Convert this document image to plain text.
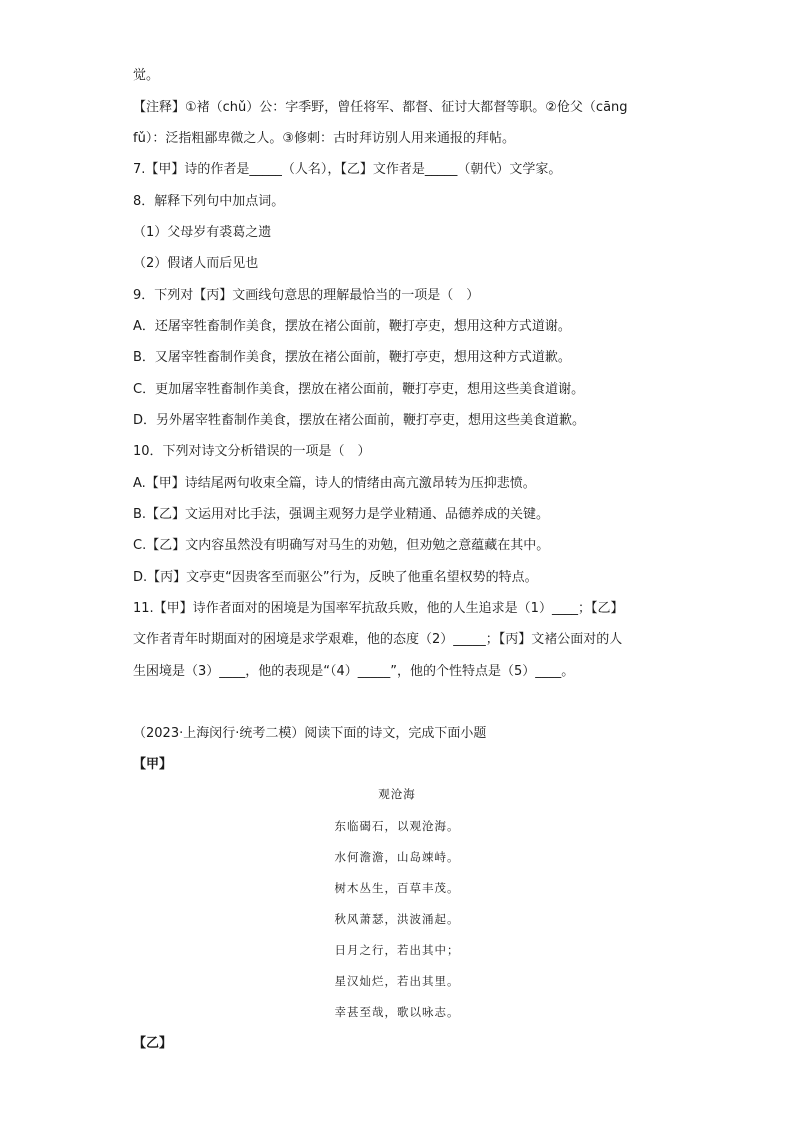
觉。
【注释】①褚（chǔ）公：字季野，曾任将军、都督、征讨大都督等职。②伧父（cāng
fǔ）：泛指粗鄙卑微之人。③修刺：古时拜访别人用来通报的拜帖。
7.【甲】诗的作者是_____（人名），【乙】文作者是_____（朝代）文学家。
8．解释下列句中加点词。
（1）父母岁有裘葛之遗
（2）假诸人而后见也
9．下列对【丙】文画线句意思的理解最恰当的一项是（　）
A．还屠宰牲畜制作美食，摆放在褚公面前，鞭打亭吏，想用这种方式道谢。
B．又屠宰牲畜制作美食，摆放在褚公面前，鞭打亭吏，想用这种方式道歉。
C．更加屠宰牲畜制作美食，摆放在褚公面前，鞭打亭吏，想用这些美食道谢。
D．另外屠宰牲畜制作美食，摆放在褚公面前，鞭打亭吏，想用这些美食道歉。
10．下列对诗文分析错误的一项是（　）
A.【甲】诗结尾两句收束全篇，诗人的情绪由高亢激昂转为压抑悲愤。
B.【乙】文运用对比手法，强调主观努力是学业精通、品德养成的关键。
C.【乙】文内容虽然没有明确写对马生的劝勉，但劝勉之意蕴藏在其中。
D.【丙】文亭吏“因贵客至而驱公”行为，反映了他重名望权势的特点。
11.【甲】诗作者面对的困境是为国率军抗敌兵败，他的人生追求是（1）____；【乙】
文作者青年时期面对的困境是求学艰难，他的态度（2）_____；【丙】文褚公面对的人
生困境是（3）____，他的表现是“（4）_____”，他的个性特点是（5）____。
（2023·上海闵行·统考二模）阅读下面的诗文，完成下面小题
【甲】
观沧海
东临碣石，以观沧海。
水何澹澹，山岛竦峙。
树木丛生，百草丰茂。
秋风萧瑟，洪波涌起。
日月之行，若出其中；
星汉灿烂，若出其里。
幸甚至哉，歌以咏志。
【乙】
